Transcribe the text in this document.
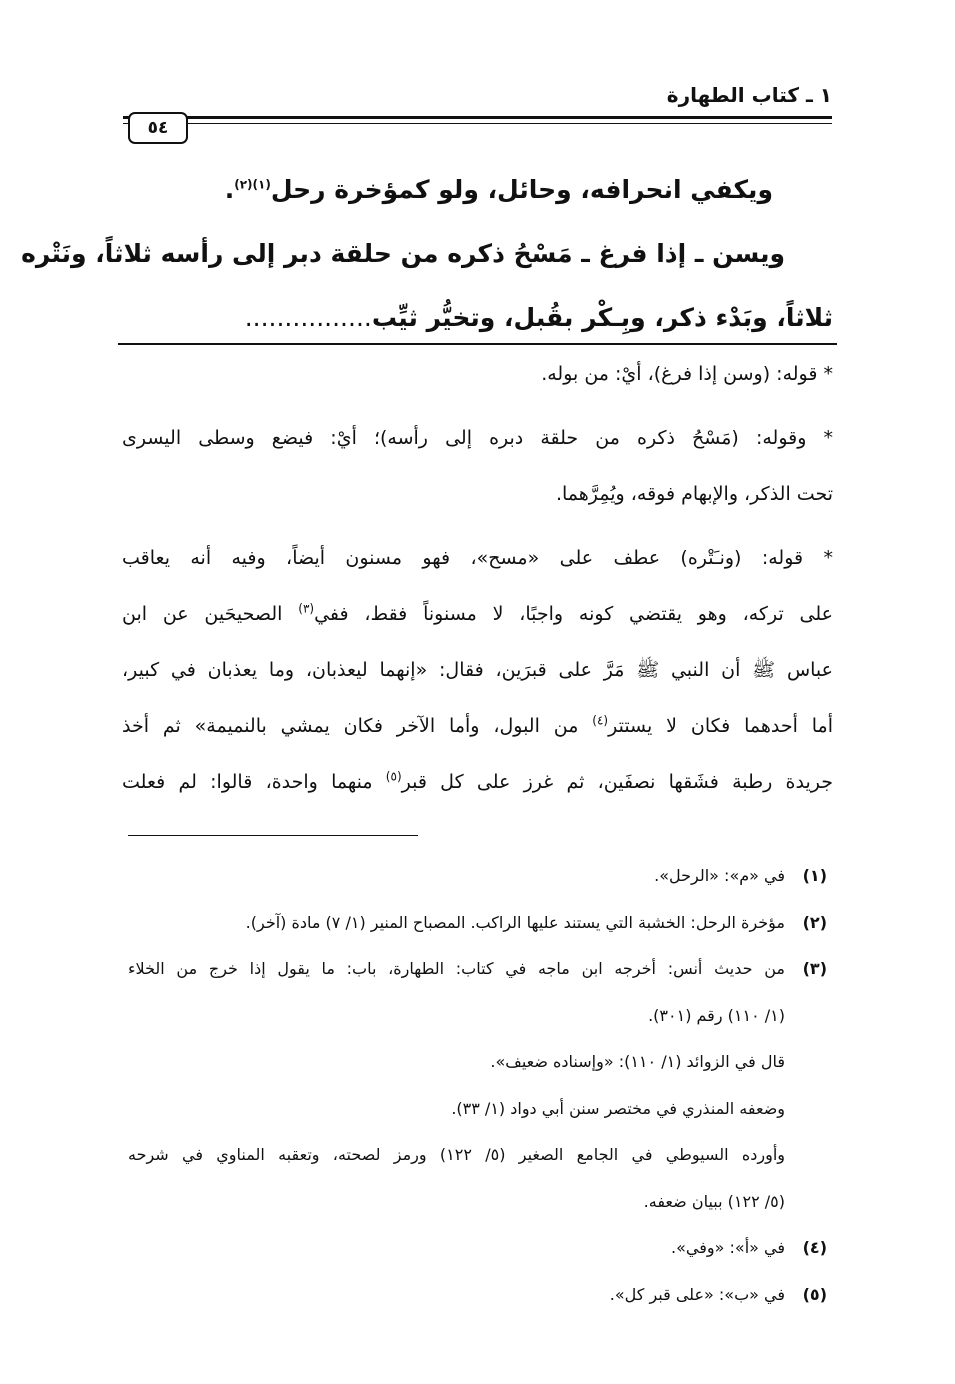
١ ـ كتاب الطهارة
٥٤
ويكفي انحرافه، وحائل، ولو كمؤخرة رحل$^{(١)(٢)}$.
ويسن ـ إذا فرغ ـ مَسْحُ ذكره من حلقة دبر إلى رأسه ثلاثاً، ونَتْره
ثلاثاً، وبَدْء ذكر، وبِـكْر بقُبل، وتخيُّر ثيِّب................
* قوله: (وسن إذا فرغ)، أيْ: من بوله.
* وقوله: (مَسْحُ ذكره من حلقة دبره إلى رأسه)؛ أيْ: فيضع وسطى اليسرى
تحت الذكر، والإبهام فوقه، ويُمِرَّهما.
* قوله: (ونـَتْره) عطف على «مسح»، فهو مسنون أيضاً، وفيه أنه يعاقب
على تركه، وهو يقتضي كونه واجبًا، لا مسنوناً فقط، ففي$^{(٣)}$ الصحيحَين عن ابن
عباس ﷺ أن النبي ﷺ مَرَّ على قبرَين، فقال: «إنهما ليعذبان، وما يعذبان في كبير،
أما أحدهما فكان لا يستتر$^{(٤)}$ من البول، وأما الآخر فكان يمشي بالنميمة» ثم أخذ
جريدة رطبة فشَقها نصفَين، ثم غرز على كل قبر$^{(٥)}$ منهما واحدة، قالوا: لم فعلت
(١)
في «م»: «الرحل».
(٢)
مؤخرة الرحل: الخشبة التي يستند عليها الراكب. المصباح المنير (١/ ٧) مادة (آخر).
(٣)
من حديث أنس: أخرجه ابن ماجه في كتاب: الطهارة، باب: ما يقول إذا خرج من الخلاء
(١/ ١١٠) رقم (٣٠١).
قال في الزوائد (١/ ١١٠): «وإسناده ضعيف».
وضعفه المنذري في مختصر سنن أبي دواد (١/ ٣٣).
وأورده السيوطي في الجامع الصغير (٥/ ١٢٢) ورمز لصحته، وتعقبه المناوي في شرحه
(٥/ ١٢٢) ببيان ضعفه.
(٤)
في «أ»: «وفي».
(٥)
في «ب»: «على قبر كل».
